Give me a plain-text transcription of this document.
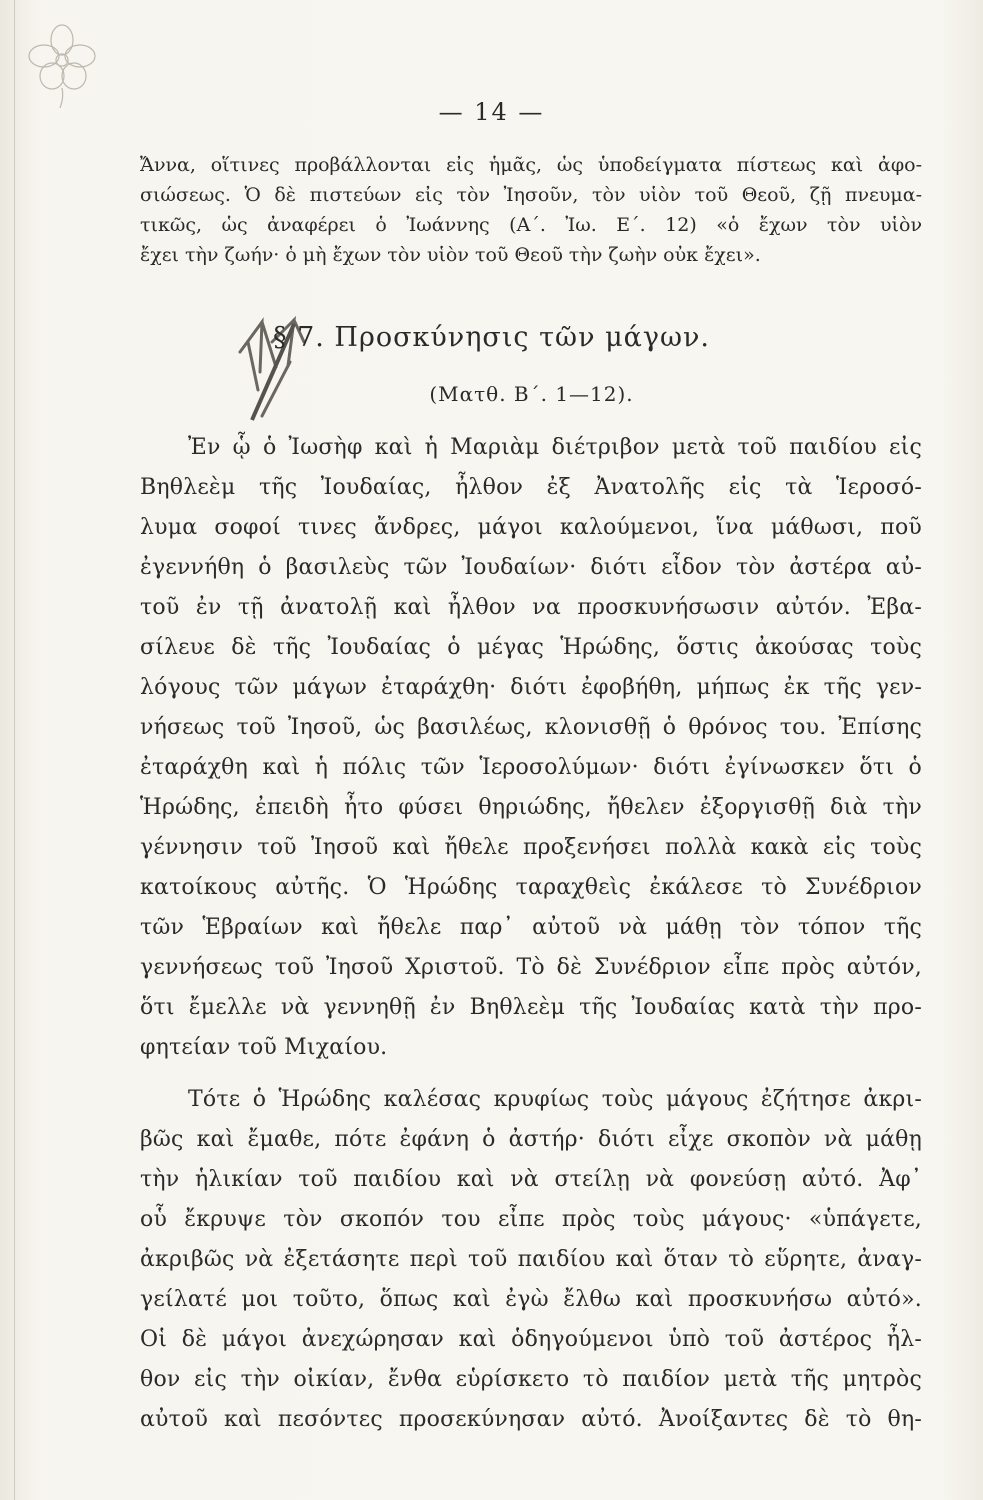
— 14 —
Ἄννα, οἵτινες προβάλλονται εἰς ἡμᾶς, ὡς ὑποδείγματα πίστεως καὶ ἀφο-
σιώσεως. Ὁ δὲ πιστεύων εἰς τὸν Ἰησοῦν, τὸν υἱὸν τοῦ Θεοῦ, ζῇ πνευμα-
τικῶς, ὡς ἀναφέρει ὁ Ἰωάννης (Α΄. Ἰω. Ε΄. 12) «ὁ ἔχων τὸν υἱὸν
ἔχει τὴν ζωήν· ὁ μὴ ἔχων τὸν υἱὸν τοῦ Θεοῦ τὴν ζωὴν οὐκ ἔχει».
§ 7. Προσκύνησις τῶν μάγων.
(Ματθ. Β΄. 1—12).
Ἐν ᾧ ὁ Ἰωσὴφ καὶ ἡ Μαριὰμ διέτριβον μετὰ τοῦ παιδίου εἰς
Βηθλεὲμ τῆς Ἰουδαίας, ἦλθον ἐξ Ἀνατολῆς εἰς τὰ Ἱεροσό-
λυμα σοφοί τινες ἄνδρες, μάγοι καλούμενοι, ἵνα μάθωσι, ποῦ
ἐγεννήθη ὁ βασιλεὺς τῶν Ἰουδαίων· διότι εἶδον τὸν ἀστέρα αὐ-
τοῦ ἐν τῇ ἀνατολῇ καὶ ἦλθον να προσκυνήσωσιν αὐτόν. Ἐβα-
σίλευε δὲ τῆς Ἰουδαίας ὁ μέγας Ἡρώδης, ὅστις ἀκούσας τοὺς
λόγους τῶν μάγων ἐταράχθη· διότι ἐφοβήθη, μήπως ἐκ τῆς γεν-
νήσεως τοῦ Ἰησοῦ, ὡς βασιλέως, κλονισθῇ ὁ θρόνος του. Ἐπίσης
ἐταράχθη καὶ ἡ πόλις τῶν Ἱεροσολύμων· διότι ἐγίνωσκεν ὅτι ὁ
Ἡρώδης, ἐπειδὴ ἦτο φύσει θηριώδης, ἤθελεν ἐξοργισθῇ διὰ τὴν
γέννησιν τοῦ Ἰησοῦ καὶ ἤθελε προξενήσει πολλὰ κακὰ εἰς τοὺς
κατοίκους αὐτῆς. Ὁ Ἡρώδης ταραχθεὶς ἐκάλεσε τὸ Συνέδριον
τῶν Ἑβραίων καὶ ἤθελε παρ᾽ αὐτοῦ νὰ μάθῃ τὸν τόπον τῆς
γεννήσεως τοῦ Ἰησοῦ Χριστοῦ. Τὸ δὲ Συνέδριον εἶπε πρὸς αὐτόν,
ὅτι ἔμελλε νὰ γεννηθῇ ἐν Βηθλεὲμ τῆς Ἰουδαίας κατὰ τὴν προ-
φητείαν τοῦ Μιχαίου.
Τότε ὁ Ἡρώδης καλέσας κρυφίως τοὺς μάγους ἐζήτησε ἀκρι-
βῶς καὶ ἔμαθε, πότε ἐφάνη ὁ ἀστήρ· διότι εἶχε σκοπὸν νὰ μάθῃ
τὴν ἡλικίαν τοῦ παιδίου καὶ νὰ στείλῃ νὰ φονεύσῃ αὐτό. Ἀφ᾽
οὗ ἔκρυψε τὸν σκοπόν του εἶπε πρὸς τοὺς μάγους· «ὑπάγετε,
ἀκριβῶς νὰ ἐξετάσητε περὶ τοῦ παιδίου καὶ ὅταν τὸ εὕρητε, ἀναγ-
γείλατέ μοι τοῦτο, ὅπως καὶ ἐγὼ ἔλθω καὶ προσκυνήσω αὐτό».
Οἱ δὲ μάγοι ἀνεχώρησαν καὶ ὁδηγούμενοι ὑπὸ τοῦ ἀστέρος ἦλ-
θον εἰς τὴν οἰκίαν, ἔνθα εὑρίσκετο τὸ παιδίον μετὰ τῆς μητρὸς
αὐτοῦ καὶ πεσόντες προσεκύνησαν αὐτό. Ἀνοίξαντες δὲ τὸ θη-
